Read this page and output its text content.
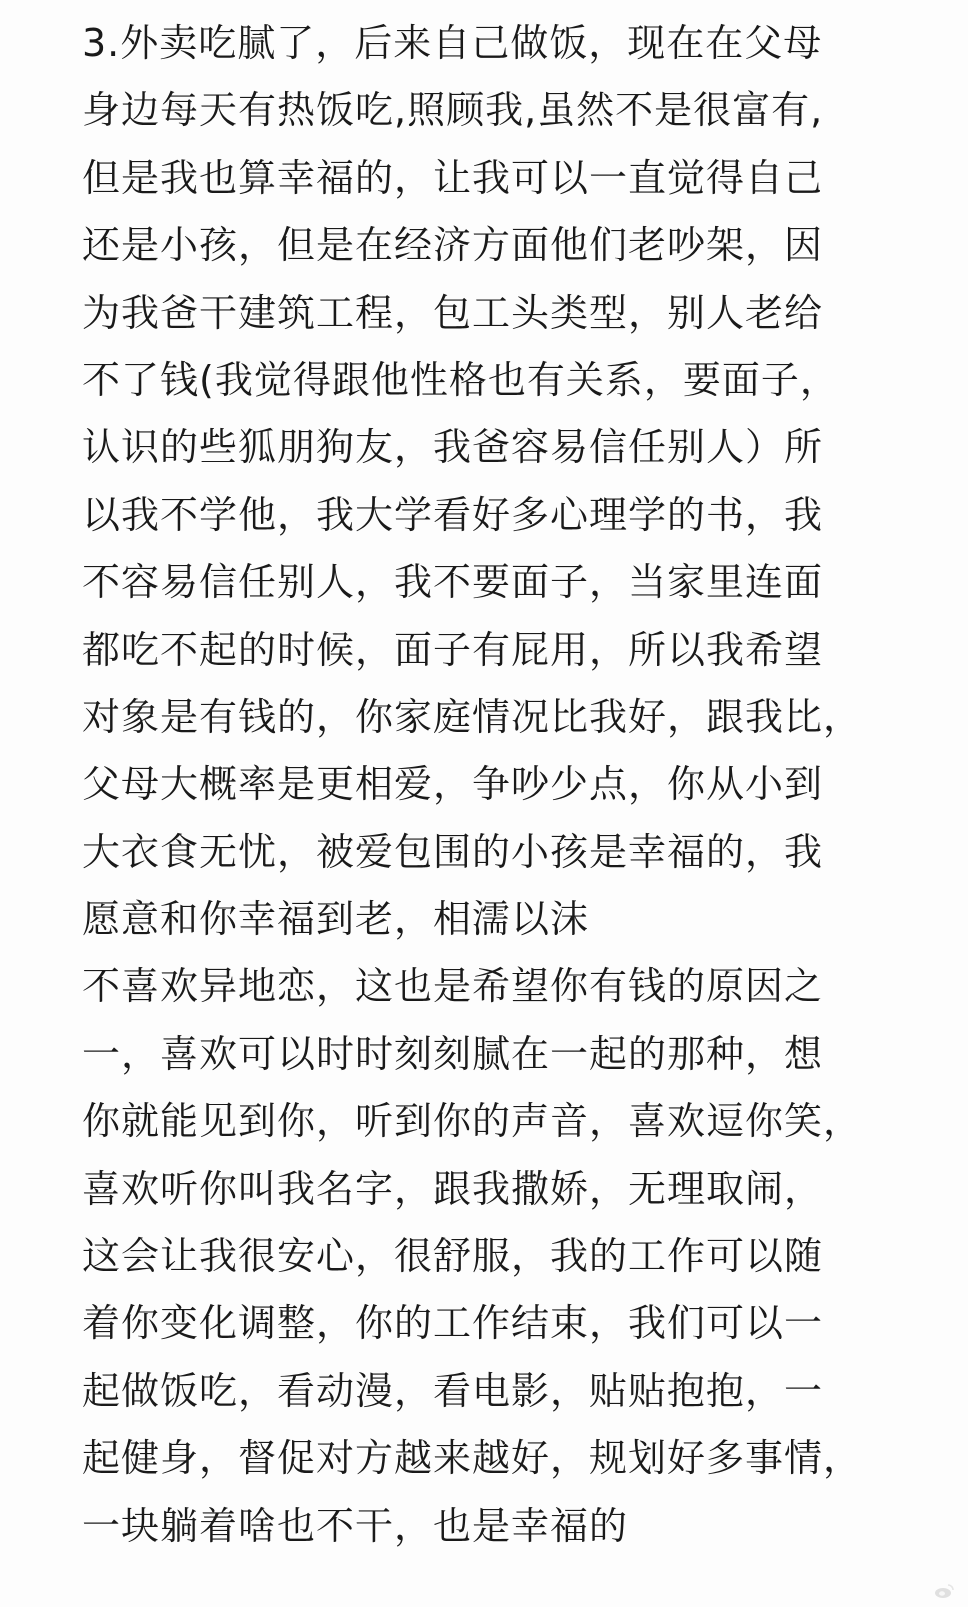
3.外卖吃腻了，后来自己做饭，现在在父母
身边每天有热饭吃,照顾我,虽然不是很富有,
但是我也算幸福的，让我可以一直觉得自己
还是小孩，但是在经济方面他们老吵架，因
为我爸干建筑工程，包工头类型，别人老给
不了钱(我觉得跟他性格也有关系，要面子，
认识的些狐朋狗友，我爸容易信任别人）所
以我不学他，我大学看好多心理学的书，我
不容易信任别人，我不要面子，当家里连面
都吃不起的时候，面子有屁用，所以我希望
对象是有钱的，你家庭情况比我好，跟我比，
父母大概率是更相爱，争吵少点，你从小到
大衣食无忧，被爱包围的小孩是幸福的，我
愿意和你幸福到老，相濡以沫
不喜欢异地恋，这也是希望你有钱的原因之
一，喜欢可以时时刻刻腻在一起的那种，想
你就能见到你，听到你的声音，喜欢逗你笑，
喜欢听你叫我名字，跟我撒娇，无理取闹，
这会让我很安心，很舒服，我的工作可以随
着你变化调整，你的工作结束，我们可以一
起做饭吃，看动漫，看电影，贴贴抱抱，一
起健身，督促对方越来越好，规划好多事情，
一块躺着啥也不干，也是幸福的
